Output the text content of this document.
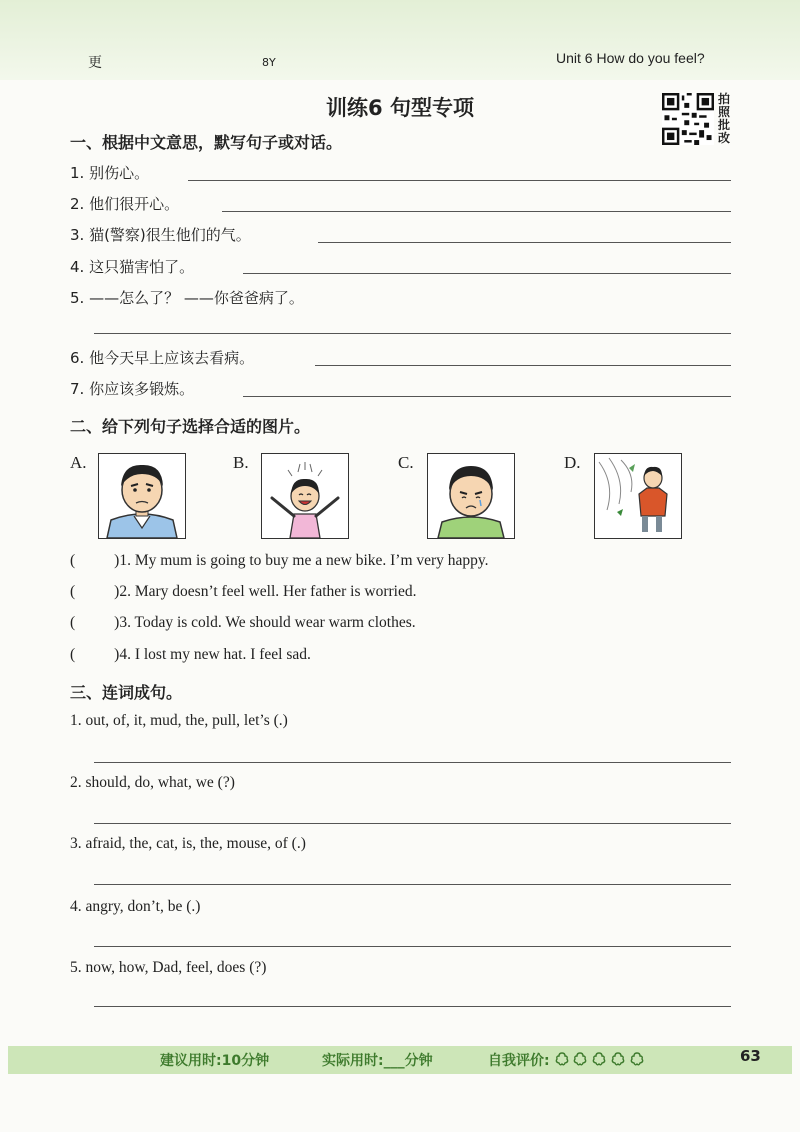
更	8Y	Unit 6 How do you feel?
训练6 句型专项	拍照批改
一、根据中文意思，默写句子或对话。
1. 别伤心。
2. 他们很开心。
3. 猫(警察)很生他们的气。
4. 这只猫害怕了。
5. ——怎么了？ ——你爸爸病了。
6. 他今天早上应该去看病。
7. 你应该多锻炼。
二、给下列句子选择合适的图片。
A.	B.	C.	D.
(	)1. My mum is going to buy me a new bike. I’m very happy.
(	)2. Mary doesn’t feel well. Her father is worried.
(	)3. Today is cold. We should wear warm clothes.
(	)4. I lost my new hat. I feel sad.
三、连词成句。
1. out, of, it, mud, the, pull, let’s (.)
2. should, do, what, we (?)
3. afraid, the, cat, is, the, mouse, of (.)
4. angry, don’t, be (.)
5. now, how, Dad, feel, does (?)
建议用时:10分钟	实际用时:___分钟	自我评价:	63
